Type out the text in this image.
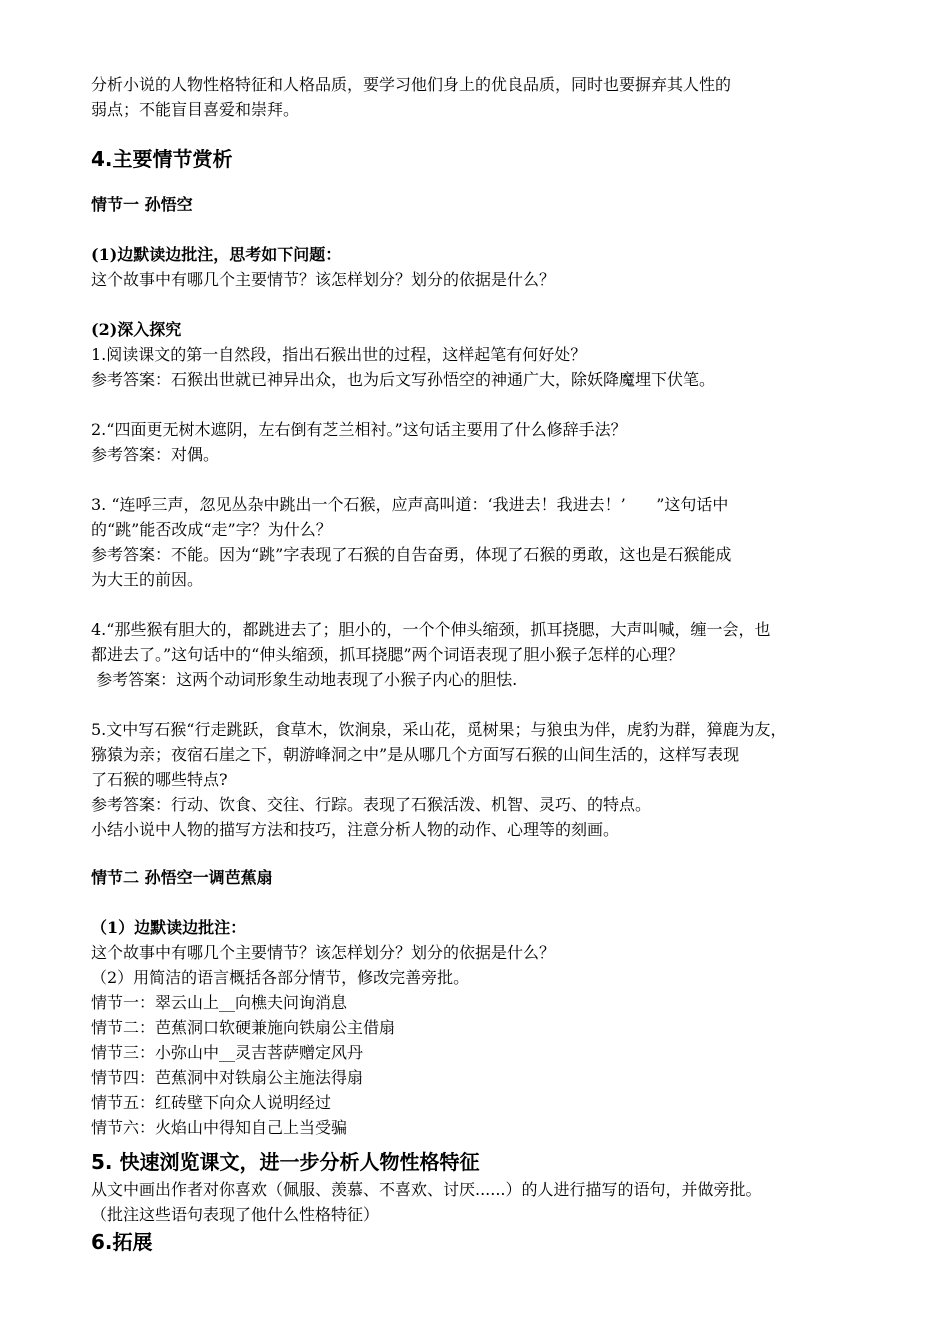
分析小说的人物性格特征和人格品质，要学习他们身上的优良品质，同时也要摒弃其人性的

弱点；不能盲目喜爱和崇拜。

4.主要情节赏析

情节一 孙悟空

(1)边默读边批注，思考如下问题：

这个故事中有哪几个主要情节？该怎样划分？划分的依据是什么？

(2)深入探究

1.阅读课文的第一自然段，指出石猴出世的过程，这样起笔有何好处？

参考答案：石猴出世就已神异出众，也为后文写孙悟空的神通广大，除妖降魔埋下伏笔。

2.“四面更无树木遮阴，左右倒有芝兰相衬。”这句话主要用了什么修辞手法？

参考答案：对偶。

3. “连呼三声，忽见丛杂中跳出一个石猴，应声高叫道：‘我进去！我进去！’      ”这句话中

的“跳”能否改成“走”字？为什么？

参考答案：不能。因为“跳”字表现了石猴的自告奋勇，体现了石猴的勇敢，这也是石猴能成

为大王的前因。

4.“那些猴有胆大的，都跳进去了；胆小的，一个个伸头缩颈，抓耳挠腮，大声叫喊，缠一会，也

都进去了。”这句话中的“伸头缩颈，抓耳挠腮”两个词语表现了胆小猴子怎样的心理？

参考答案：这两个动词形象生动地表现了小猴子内心的胆怯.

5.文中写石猴“行走跳跃，食草木，饮涧泉，采山花，觅树果；与狼虫为伴，虎豹为群，獐鹿为友，

猕猿为亲；夜宿石崖之下，朝游峰洞之中”是从哪几个方面写石猴的山间生活的，这样写表现

了石猴的哪些特点?

参考答案：行动、饮食、交往、行踪。表现了石猴活泼、机智、灵巧、的特点。

小结小说中人物的描写方法和技巧，注意分析人物的动作、心理等的刻画。

情节二 孙悟空一调芭蕉扇

（1）边默读边批注：

这个故事中有哪几个主要情节？该怎样划分？划分的依据是什么？

（2）用简洁的语言概括各部分情节，修改完善旁批。

情节一：翠云山上__向樵夫问询消息

情节二：芭蕉洞口软硬兼施向铁扇公主借扇

情节三：小弥山中__灵吉菩萨赠定风丹

情节四：芭蕉洞中对铁扇公主施法得扇

情节五：红砖壁下向众人说明经过

情节六：火焰山中得知自己上当受骗

5. 快速浏览课文，进一步分析人物性格特征

从文中画出作者对你喜欢（佩服、羡慕、不喜欢、讨厌......）的人进行描写的语句，并做旁批。

（批注这些语句表现了他什么性格特征）

6.拓展
